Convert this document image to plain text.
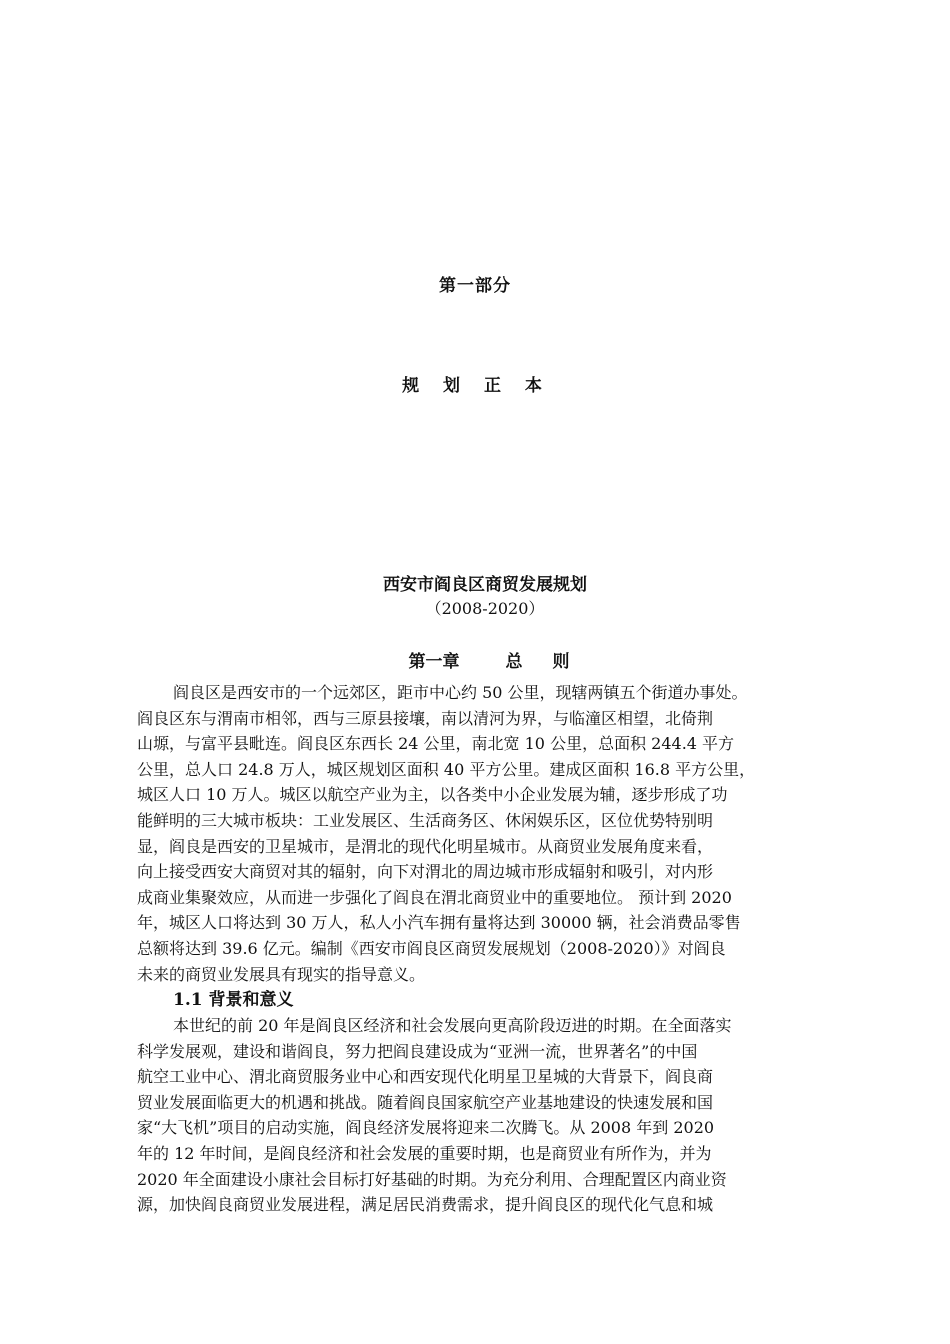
第一部分
规 划 正 本
西安市阎良区商贸发展规划
（2008-2020）
第一章	总 则
阎良区是西安市的一个远郊区，距市中心约 50 公里，现辖两镇五个街道办事处。
阎良区东与渭南市相邻，西与三原县接壤，南以清河为界，与临潼区相望，北倚荆
山塬，与富平县毗连。阎良区东西长 24 公里，南北宽 10 公里，总面积 244.4 平方
公里，总人口 24.8 万人，城区规划区面积 40 平方公里。建成区面积 16.8 平方公里，
城区人口 10 万人。城区以航空产业为主，以各类中小企业发展为辅，逐步形成了功
能鲜明的三大城市板块：工业发展区、生活商务区、休闲娱乐区，区位优势特别明
显，阎良是西安的卫星城市，是渭北的现代化明星城市。从商贸业发展角度来看，
向上接受西安大商贸对其的辐射，向下对渭北的周边城市形成辐射和吸引，对内形
成商业集聚效应，从而进一步强化了阎良在渭北商贸业中的重要地位。 预计到 2020
年，城区人口将达到 30 万人，私人小汽车拥有量将达到 30000 辆，社会消费品零售
总额将达到 39.6 亿元。编制《西安市阎良区商贸发展规划（2008-2020）》对阎良
未来的商贸业发展具有现实的指导意义。
1.1 背景和意义
本世纪的前 20 年是阎良区经济和社会发展向更高阶段迈进的时期。在全面落实
科学发展观，建设和谐阎良，努力把阎良建设成为“亚洲一流，世界著名”的中国
航空工业中心、渭北商贸服务业中心和西安现代化明星卫星城的大背景下，阎良商
贸业发展面临更大的机遇和挑战。随着阎良国家航空产业基地建设的快速发展和国
家“大飞机”项目的启动实施，阎良经济发展将迎来二次腾飞。从 2008 年到 2020
年的 12 年时间，是阎良经济和社会发展的重要时期，也是商贸业有所作为，并为
2020 年全面建设小康社会目标打好基础的时期。为充分利用、合理配置区内商业资
源，加快阎良商贸业发展进程，满足居民消费需求，提升阎良区的现代化气息和城
